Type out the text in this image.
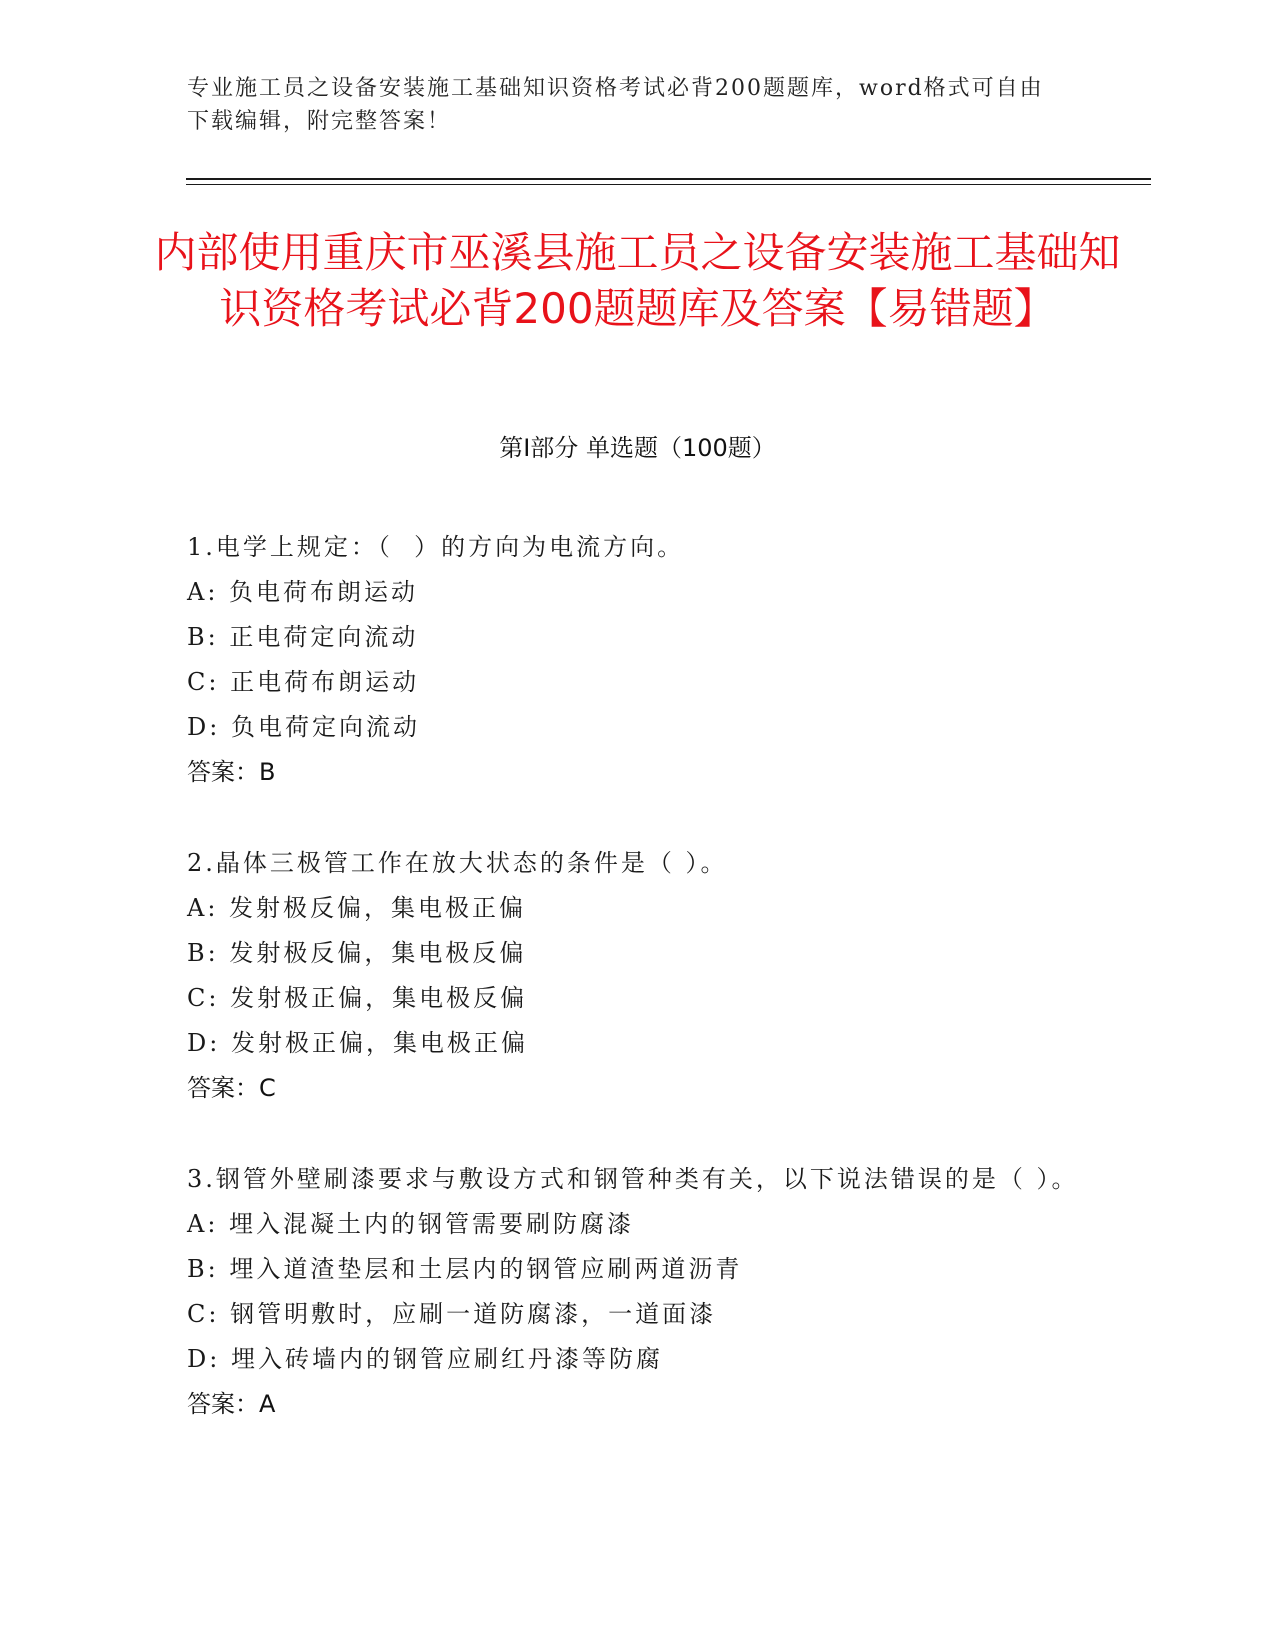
专业施工员之设备安装施工基础知识资格考试必背200题题库，word格式可自由下载编辑，附完整答案！
内部使用重庆市巫溪县施工员之设备安装施工基础知识资格考试必背200题题库及答案【易错题】
第I部分 单选题（100题）
1.电学上规定：（  ）的方向为电流方向。
A: 负电荷布朗运动
B: 正电荷定向流动
C: 正电荷布朗运动
D: 负电荷定向流动
答案：B
2.晶体三极管工作在放大状态的条件是（ ）。
A: 发射极反偏，集电极正偏
B: 发射极反偏，集电极反偏
C: 发射极正偏，集电极反偏
D: 发射极正偏，集电极正偏
答案：C
3.钢管外壁刷漆要求与敷设方式和钢管种类有关，以下说法错误的是（ ）。
A: 埋入混凝土内的钢管需要刷防腐漆
B: 埋入道渣垫层和土层内的钢管应刷两道沥青
C: 钢管明敷时，应刷一道防腐漆，一道面漆
D: 埋入砖墙内的钢管应刷红丹漆等防腐
答案：A
